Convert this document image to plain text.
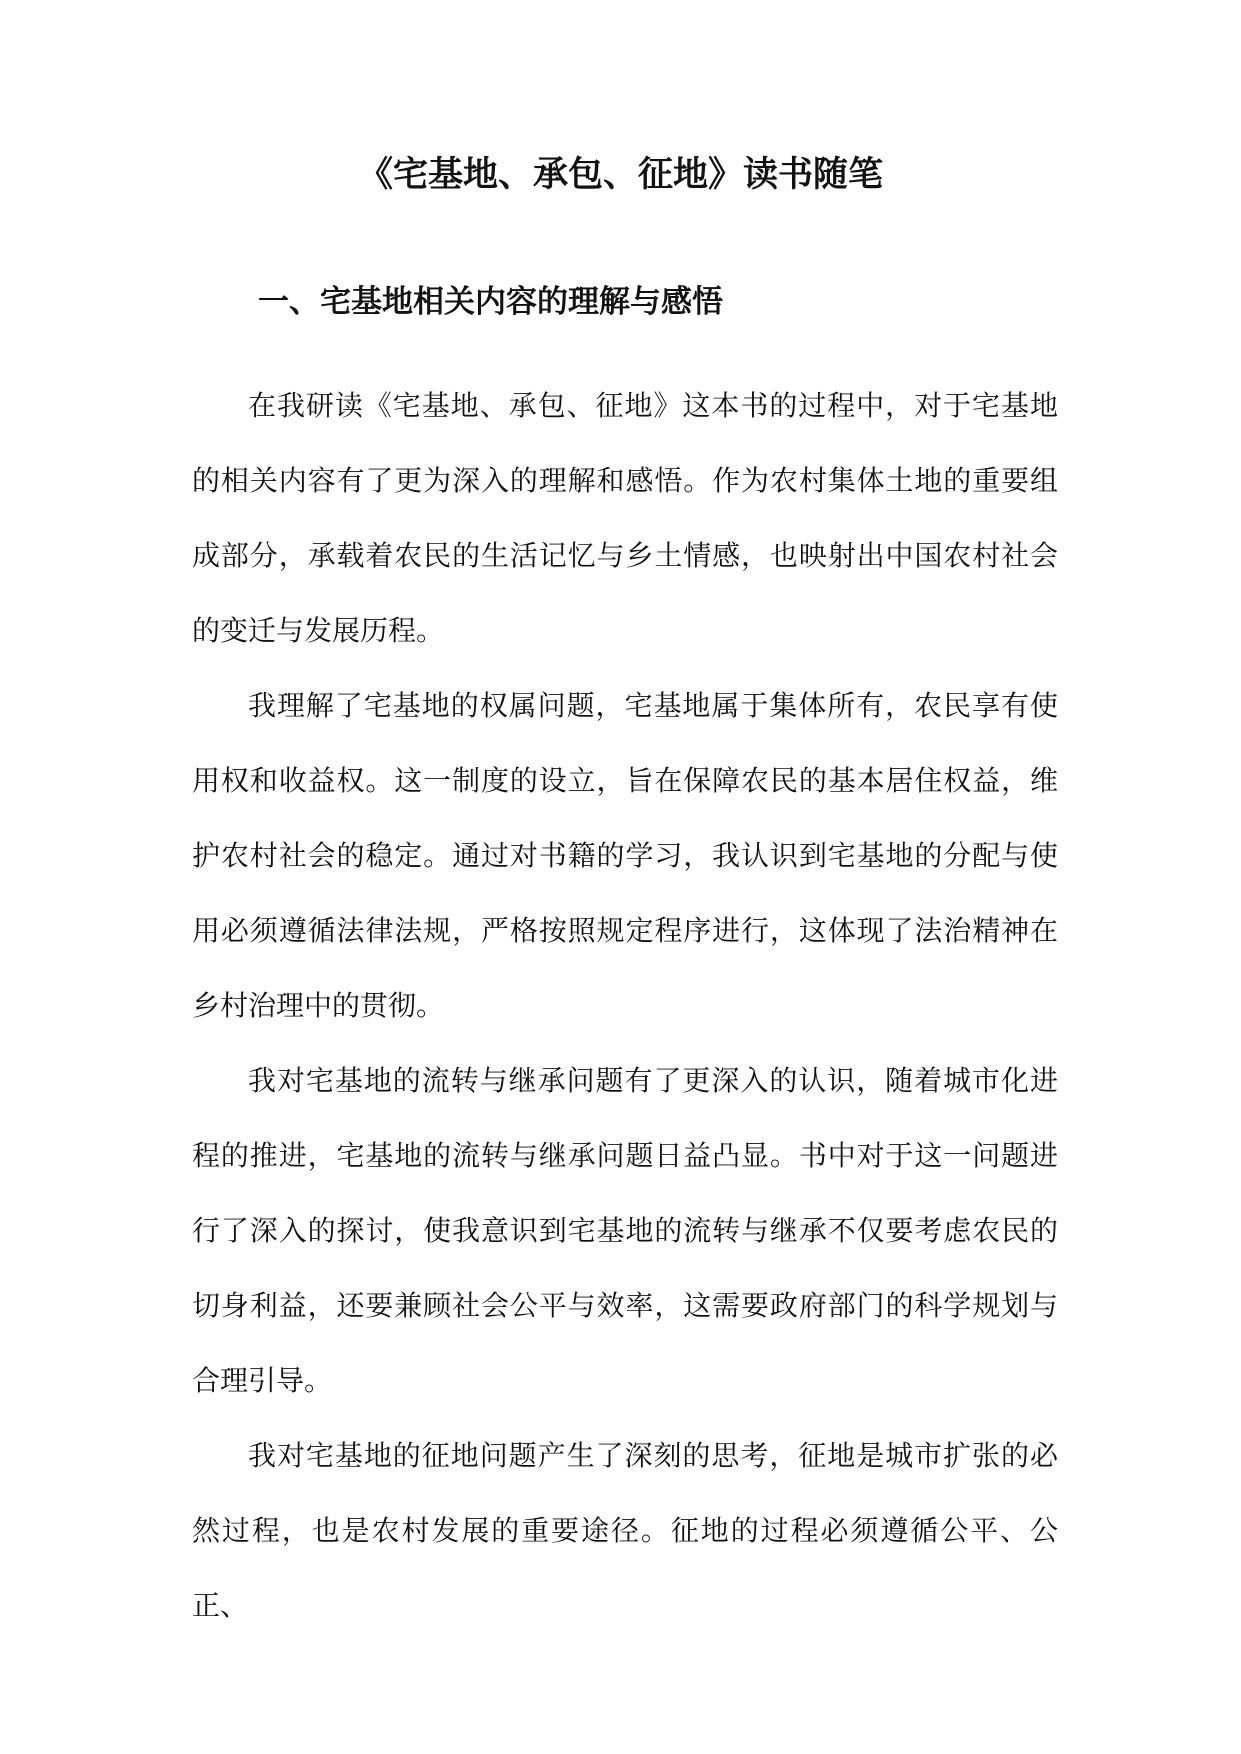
《宅基地、承包、征地》读书随笔
一、宅基地相关内容的理解与感悟

在我研读《宅基地、承包、征地》这本书的过程中，对于宅基地的相关内容有了更为深入的理解和感悟。作为农村集体土地的重要组成部分，承载着农民的生活记忆与乡土情感，也映射出中国农村社会的变迁与发展历程。

我理解了宅基地的权属问题，宅基地属于集体所有，农民享有使用权和收益权。这一制度的设立，旨在保障农民的基本居住权益，维护农村社会的稳定。通过对书籍的学习，我认识到宅基地的分配与使用必须遵循法律法规，严格按照规定程序进行，这体现了法治精神在乡村治理中的贯彻。

我对宅基地的流转与继承问题有了更深入的认识，随着城市化进程的推进，宅基地的流转与继承问题日益凸显。书中对于这一问题进行了深入的探讨，使我意识到宅基地的流转与继承不仅要考虑农民的切身利益，还要兼顾社会公平与效率，这需要政府部门的科学规划与合理引导。

我对宅基地的征地问题产生了深刻的思考，征地是城市扩张的必然过程，也是农村发展的重要途径。征地的过程必须遵循公平、公正、
